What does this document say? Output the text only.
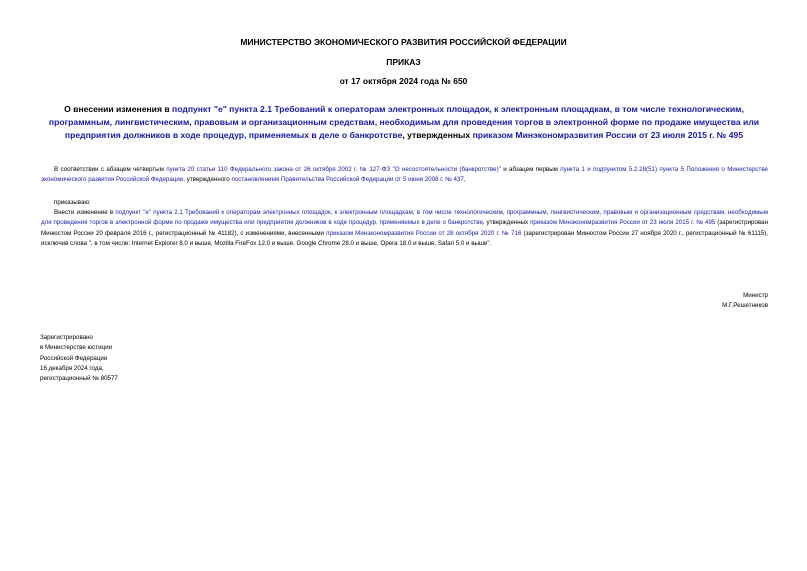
МИНИСТЕРСТВО ЭКОНОМИЧЕСКОГО РАЗВИТИЯ РОССИЙСКОЙ ФЕДЕРАЦИИ
ПРИКАЗ
от 17 октября 2024 года № 650
О внесении изменения в подпункт "е" пункта 2.1 Требований к операторам электронных площадок, к электронным площадкам, в том числе технологическим, программным, лингвистическим, правовым и организационным средствам, необходимым для проведения торгов в электронной форме по продаже имущества или предприятия должников в ходе процедур, применяемых в деле о банкротстве, утвержденных приказом Минэкономразвития России от 23 июля 2015 г. № 495
В соответствии с абзацем четвертым пункта 20 статьи 110 Федерального закона от 26 октября 2002 г. № 127-ФЗ "О несостоятельности (банкротстве)" и абзацем первым пункта 1 и подпунктом 5.2.28(51) пункта 5 Положения о Министерстве экономического развития Российской Федерации, утвержденного постановлением Правительства Российской Федерации от 5 июня 2008 г. № 437,
приказываю:
Внести изменение в подпункт "е" пункта 2.1 Требований к операторам электронных площадок, к электронным площадкам, в том числе технологическим, программным, лингвистическим, правовым и организационным средствам, необходимым для проведения торгов в электронной форме по продаже имущества или предприятия должников в ходе процедур, применяемых в деле о банкротстве, утвержденных приказом Минэкономразвития России от 23 июля 2015 г. № 495 (зарегистрирован Минюстом России 20 февраля 2016 г., регистрационный № 41182), с изменениями, внесенными приказом Минэкономразвития России от 28 октября 2020 г. № 716 (зарегистрирован Минюстом России 27 ноября 2020 г., регистрационный № 61115), исключив слова ", в том числе: Internet Explorer 8.0 и выше, Mozilla FireFox 12.0 и выше, Google Chrome 28.0 и выше, Opera 18.0 и выше, Safari 5.0 и выше".
Министр
М.Г.Решетников
Зарегистрировано
в Министерстве юстиции
Российской Федерации
16 декабря 2024 года,
регистрационный № 80577
